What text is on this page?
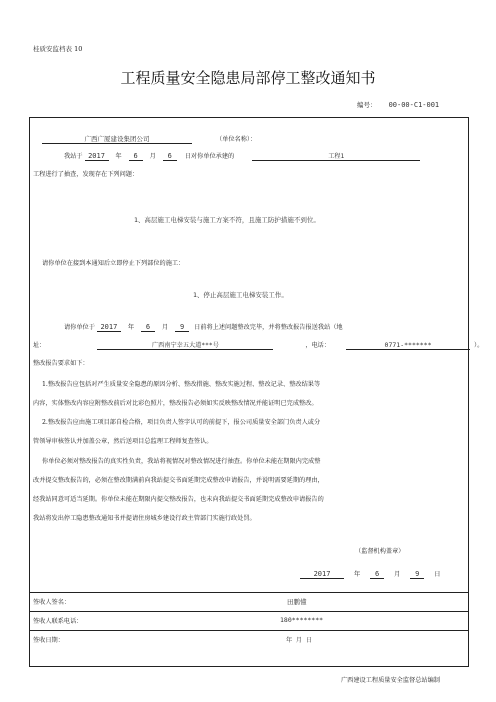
桂质安监档表 10
工程质量安全隐患局部停工整改通知书
编号： 00-00-C1-001
广西广厦建设集团公司	（单位名称）：
我站于 2017 年 6 月 6 日对你单位承建的	工程1
工程进行了抽查，发现存在下列问题：
1、高层施工电梯安装与施工方案不符，且施工防护措施不到位。
请你单位在接到本通知后立即停止下列部位的施工：
1、停止高层施工电梯安装工作。
请你单位于 2017 年 6 月 9 日前将上述问题整改完毕，并将整改报告报送我站（地
址：	广西南宁幸五大道***号	，电话：	0771-*******	）。
整改报告要求如下：
1.整改报告应包括对严生质量安全隐患的原因分析、整改措施、整改实施过程、整改记录、整改结果等
内容，实体整改内容应附整改前后对比彩色照片，整改报告必须如实反映整改情况并能证明已完成整改。
2.整改报告应由施工项目部自检合格，项目负责人签字认可的前提下，报公司质量安全部门负责人或分
管领导审核签认并加盖公章，然后送项目总监理工程师复查签认。
你单位必须对整改报告的真实性负责，我站将视情况对整改情况进行抽查。你单位未能在期限内完成整
改并提交整改报告的，必须在整改期满前向我站提交书面延期完成整改申请报告，并说明需要延期的理由，
经我站同意可适当延期。你单位未能在期限内提交整改报告，也未向我站提交书面延期完成整改申请报告的
我站将发出停工隐患整改通知书并提请住房城乡建设行政主管部门实施行政处罚。
（监督机构盖章）
2017	年 6 月 9 日
签收人签名：	田鹏懂
签收人联系电话：	180********
签收日期：	年 月 日
广西建设工程质量安全监督总站编制
